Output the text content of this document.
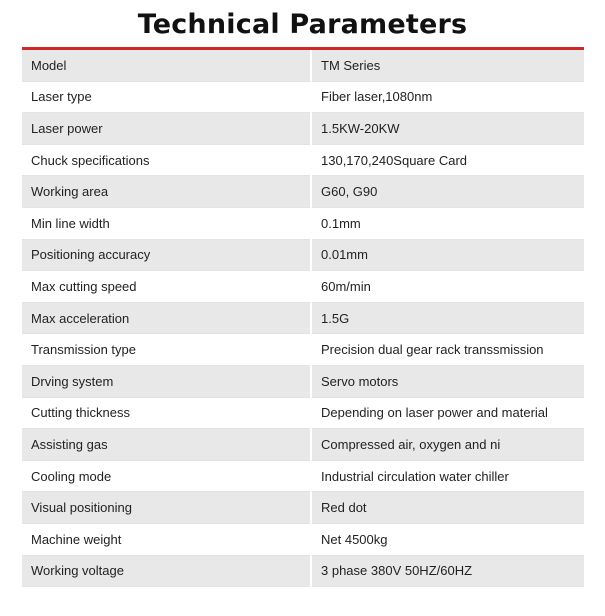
Technical Parameters
Model	TM Series
Laser type	Fiber laser,1080nm
Laser power	1.5KW-20KW
Chuck specifications	130,170,240Square Card
Working area	G60, G90
Min line width	0.1mm
Positioning accuracy	0.01mm
Max cutting speed	60m/min
Max acceleration	1.5G
Transmission type	Precision dual gear rack transsmission
Drving system	Servo motors
Cutting thickness	Depending on laser power and material
Assisting gas	Compressed air, oxygen and ni
Cooling mode	Industrial circulation water chiller
Visual positioning	Red dot
Machine weight	Net 4500kg
Working voltage	3 phase 380V 50HZ/60HZ
